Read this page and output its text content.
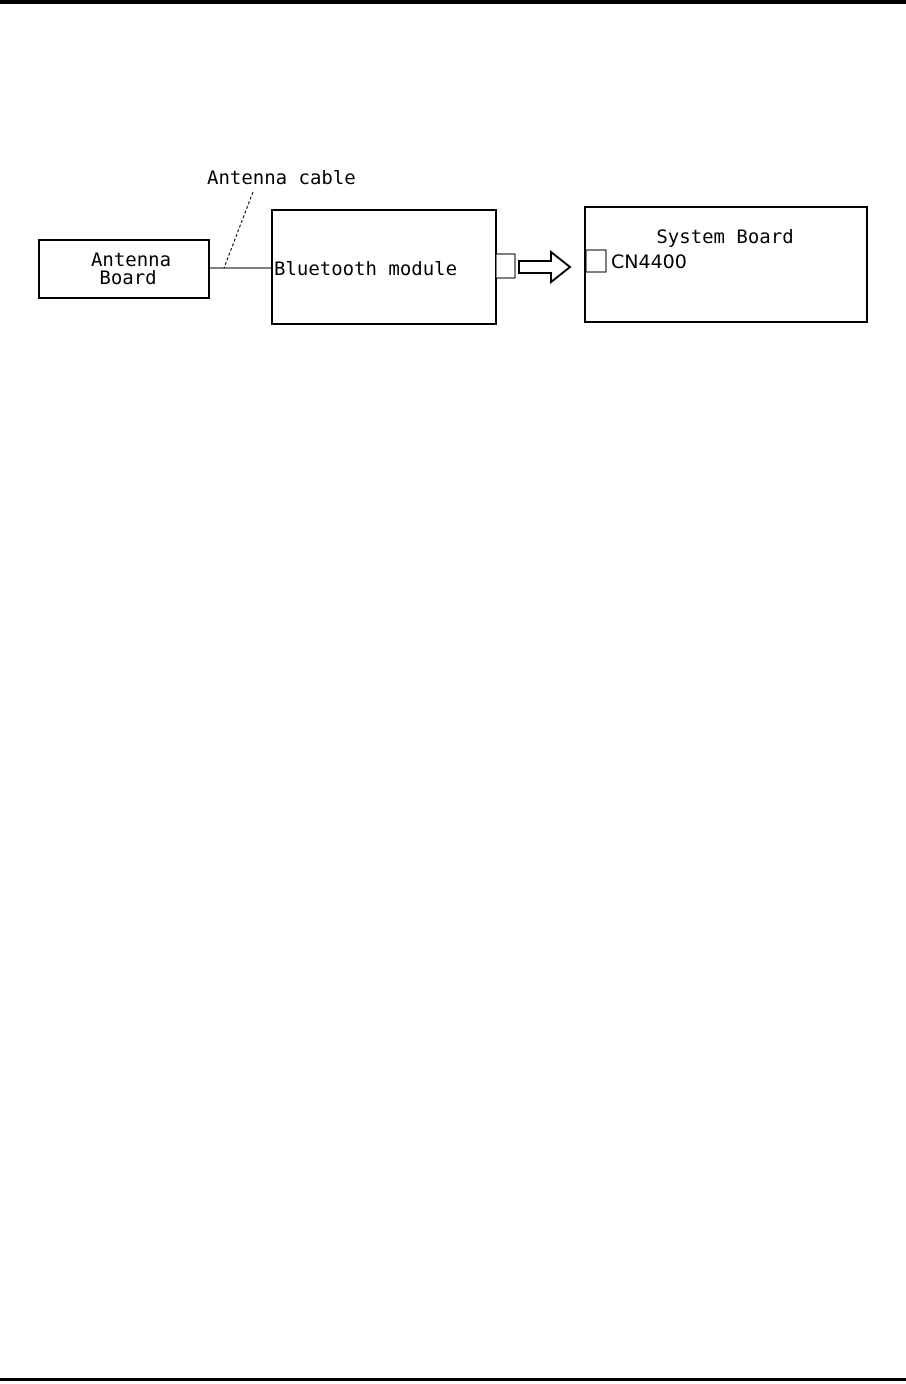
Antenna cable
Antenna
Board	Bluetooth module
System Board
CN4400
